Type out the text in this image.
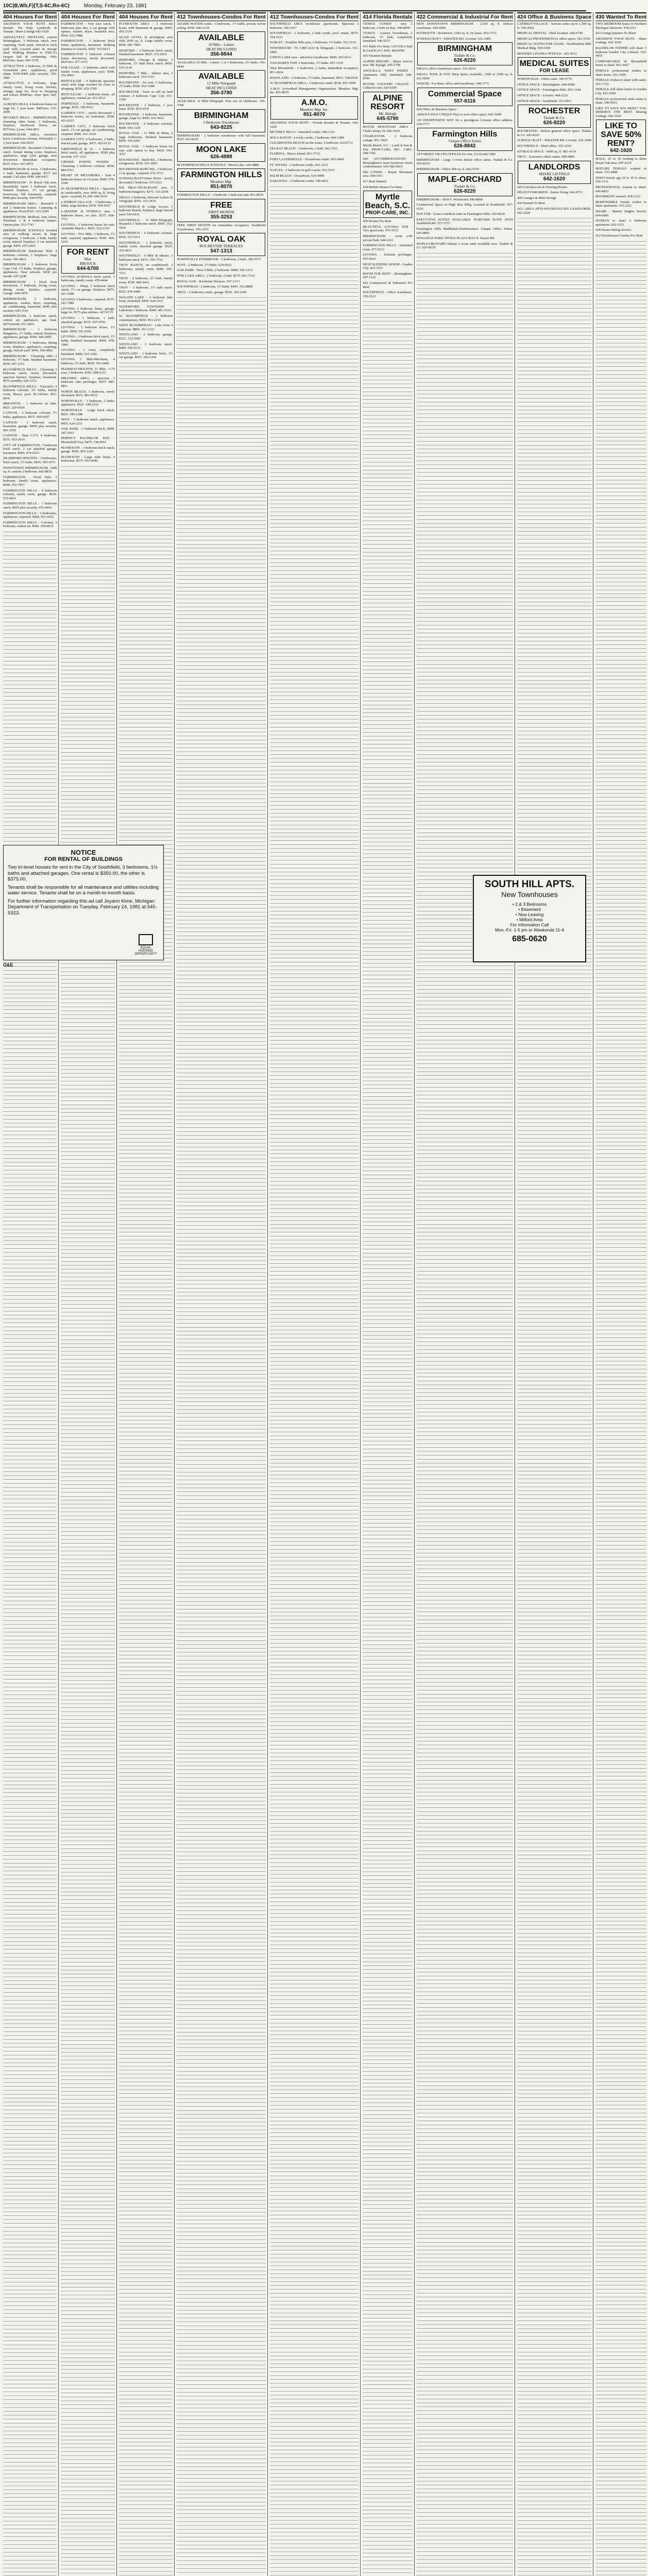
10C(B,Wb,F)(T,S-6C,Ro-6C)	Monday, February 23, 1981
404 Houses For Rent
ABANDON YOUR HUNT Select Rentals. We Help Landlords & Tenants. Share Listings 642-1620
ABSOLUTELY SPOTLESS, custom Birmingham, 3 bedroom ranch, new carpeting, fresh paint, fenced-in back yard with covered patio & storage shed. Walking distance to YMCA's racquet ball & swimming. Only $425/mo. lease. 645-1578
ATTRACTIVE 3 bedroom, 12 Mile & Greenfield area. Appliances, good shape. $350-$400 plus security. 356-7885
ATTRACTIVE 4 bedroom, large family room, living room, kitchen, storage, large lot, close to shopping and school. $500/mo. After 5pm. 645-8321
AUBURN HILLS, 4 bedroom home on large lot, 1 year lease. $485/mo. 335-2690
BEVERLY HILLS - BIRMINGHAM, charming older home, 3 bedrooms, fireplace, hardwood floors, air. $575/mo. Lease. 644-2811
BIRMINGHAM AREA, executive brick 3 bedroom colonial. Preferably 1-2 year lease. 642-8165
BIRMINGHAM - Beautiful 3 bedroom ranch, formal dining room, fireplace, appliances, large yard, garage, near downtown. Immediate occupancy. $525. Eves. 647-2874
BIRMINGHAM in town, 3 bedrooms, 1 bath, basement, garage. $375 per month. Call after 5PM. 644-0417
BIRMINGHAM - N. Royal Oak area. Beautifully treed 3 bedroom brick. Natural fireplace, 1½ car garage, breezeway, full basement, carpeted. $440 plus security. 644-9768
BIRMINGHAM AREA - Beautiful 3 and 2 bedroom homes. Carpeting & appliances. From $325. 553-2345
BIRMINGHAM, Redford, Ann Arbor, Westland. 3 & 4 bedroom homes. Option plan. 552-7741
BIRMINGHAM SCHOOLS wooded area of walking streets & large evergreens, 3 bedroom, 2 bath, family room, natural fireplace, 2 car attached garage. $495. 655-2810
BIRMINGHAM Handsome Hills 4 bedroom colonial, 2 fireplaces, large rooms. 566-4811
BIRMINGHAM - 3 bedroom brick Cape Cod, 1½ baths, fireplace, garage, appliances. Near schools. $430 per month. 647-2240
BIRMINGHAM - 1 block from downtown, 3 bedroom, living room, dining room, kitchen, carpeted. Garage. 644-3870
BIRMINGHAM, 2 bedroom, appliances, washer, dryer, carpeting, air conditioning, basement. $440 plus security. 645-1110
BIRMINGHAM, 3 bedroom ranch, central air, appliances, gas heat. $475/month. 651-6816
BIRMINGHAM - 3 bedroom Bungalow, 1½ baths, natural fireplace, appliances, garage. $500. 540-2000
BIRMINGHAM - 3 bedrooms, dining room, fireplace, appliances, carpeting, garage, fenced yard. $495. 646-4862
BIRMINGHAM - Charming older 3 bedroom, 1½ bath, finished basement. $550. 647-1311
BLOOMFIELD HILLS - Charming 3 bedroom ranch, newly decorated, spacious kitchen, fireplace, basement. $675 monthly. 626-5312
BLOOMFIELD HILLS - Executive 4 bedroom colonial, 2½ baths, family room, library, pool. $1,100/mo. 851-6836
BRIGHTON - 3 bedroom on lake. $425. 229-6554
CANTON - 3 bedroom colonial, 1½ baths, appliances. $475. 459-6997
CANTON - 3 bedroom ranch, basement, garage. $450 plus security. 981-2956
CANTON - Near I-275, 4 bedroom. $575. 453-2610
CITY OF FARMINGTON, 3 bedroom brick ranch, 2 car attached garage, basement. $600. 474-2533
DEARBORN HEIGHTS - 3 bedrooms, brick ranch, 1½ baths. $425. 565-4711
DOWNTOWN BIRMINGHAM, 1600 sq. ft. custom 2 bedroom. 642-8818
FARMINGTON - Floral Park, 3 bedroom, family room, appliances. $440. 551-7957
FARMINGTON HILLS - 4 bedroom colonial, family room, garage. $650. 553-0831
FARMINGTON HILLS - 3 bedroom ranch, $430 plus security. 476-4416
FARMINGTON HILLS - 3 bedrooms, appliances, carpeted. $460. 851-6432
FARMINGTON HILLS - Colonial, 3 bedroom, central air. $600. 478-8915
404 Houses For Rent
FARMINGTON - Very nice ranch, 3 bedrooms plus den, 2 car garage with opener, washer, dryer, beautiful area. $550. 932-7088
FARMINGTON - 3 bedroom brick home, appliances, basement. Walking distance to schools. $450. 553-0413
FARMINGTON 2 bedroom colonial home, downtown, newly decorated. $425/mo. 477-6151
FOR LEASE - 3 bedroom ranch with family room, appliances, pool. $500. 651-8419
RENT/LEASE - 4 bedroom spacious ranch with large wooded lot close to shopping. $550. 652-3700
RENT/LEASE - 3 bedroom home, all appliances, central air. 451-3612
FERNDALE - 2 bedroom, basement, garage, $325. 399-0412
GARDEN CITY - newly decorated 2 bedroom house, no basement. $300. 421-0315
GARDEN CITY, 3 bedroom brick ranch, 1½ car garage, air conditioning, carpeted. $400. 261-1634
GARDEN CITY, 4 bedrooms, 2 baths, fenced yard, garage. $475. 425-0133
GREENFIELD & 14 - 3 bedroom brick ranch, all appliances. $500 plus security. 557-1123
GROSSE POINTE WOODS - Charming 3 bedroom colonial. $650. 884-5511
HEART OF METAMORA - East 4 bedroom house on 10 acres. $600. 678-2344
IN BLOOMFIELD HILLS - Spacious & comfortable, over 3000 sq. ft. living space, on pond. $1,200. 646-2010
LATHRUP VILLAGE - 3 bedrooms, 2 baths, large kitchen. $550. 559-4567
LAKESIDE & FENKELL area 3 bedroom house, no pets. $275. 838-7711
LIVONIA - 3 bedroom house for rent. Available March 1. $425. 522-2119
LIVONIA - Five Mile, 3 bedroom, 1½ bath, carpeted, appliances. $500. 464-3210
FOR RENT
Max
BROOCK
644-6700
LIVONIA SCHOOLS brick ranch, 3 bedrooms, family room. 478-4444
LIVONIA - Sharp 3 bedroom brick ranch, 1½ car garage, fireplace. $475. 421-5588
LIVONIA 3 bedrooms, carpeted. $375. 261-7986
LIVONIA 3 bedroom home, garage, large lot. $375 plus utilities. 427-6715
LIVONIA - 1 bedroom, 1 bath, attached garage. $325. 937-0792
LIVONIA - 3 bedroom house, 1½ baths. $450. 591-0392
LIVONIA - 3 bedroom brick ranch, 1½ baths, finished basement. $500. 478-1900
LIVONIA - 3 room, completely furnished. $400. 525-3366
LIVONIA 5 Mile-Merriman, 4 bedroom, 2½ bath. $650. 591-6400
MADISON HEIGHTS, 11 Mile - I-75 area, 3 bedroom. $395. 588-1211
MILFORD AREA - spacious 3 bedroom, lake privileges. $475. 685-9811
NORTH BEACH, 3 bedroom, newly decorated. $475. 881-9632
NORTHVILLE - 3 bedroom, 2 baths, appliances. $525. 348-2112
NORTHVILLE - Large brick ranch. $625. 349-2188
NOVI - 3 bedroom ranch, appliances. $450. 624-2211
OAK PARK - 3 bedroom brick. $400. 547-2933
PERFECT BACHELOR PAD - Bloomfield Twp. $475. 338-9911
PLYMOUTH - 3 bedroom brick ranch, garage. $500. 455-1266
PLYMOUTH - Large older home, 4 bedrooms. $575. 453-4040
404 Houses For Rent
PLYMOUTH AREA - 3 bedroom house with basement & garage. $450. 455-2310
QUAD LEVEL in prestigious area with 2600 sq. ft. Large family room. $650. 981-7800
REDFORD - 3 bedroom brick ranch, finished basement. $425. 533-6010
REDFORD, Chicago & Inkster, 3 bedroom, 1½ bath brick ranch. $450. 535-1134
REDFORD, 7 Mile - Inkster area, 3 bedroom ranch. 255-3316
ROCHESTER - for rent, 5 bedrooms, 2½ baths. $500. 652-5288
ROCHESTER - lease or sell on land contract. 4 bedroom Cape Cod. 651-1100
ROCHESTER - 3 bedroom, 1 year lease. $350. 879-2676
ROCHESTER - 3 bedroom, basement, garage, large lot. $450. 651-4651
ROCHESTER - 4 bedroom colonial. $600. 656-1120
ROYAL OAK - 11 Mile & Main, 2 large bedrooms, finished basement. $450. 543-6301
ROYAL OAK - 3 bedroom house for rent with option to buy. $450. 543-3557
ROCHESTER - Buell Rd., 3 bedroom, refrigerator. $350. 651-2001
ROCHESTER-BURT RD., 3 bedroom, 2 car garage, carpeted. 651-3711
SCHOOLCRAFT-Outer Drive - newly decorated 2 bedroom. 533-5211
SIX MILE-TELEGRAPH area, 3 bedroom bungalow. $375. 533-2504
SMALL 2 bedroom, between Lahser & Telegraph. $350. 353-3434
SOUTHFIELD & Lodge Access, 3 bedroom Ranch, fireplace, large fenced yard. 559-6431
SOUTHFIELD - 11 Mile-Telegraph, Beautiful 3 bedroom ranch. $500. 352-7810
SOUTHFIELD - 4 bedroom colonial. $550. 557-9311
SOUTHFIELD - 3 bedroom ranch, family room, attached garage. $525. 352-4411
SOUTHFIELD - 9 Mile & Inkster, 3 bedroom ranch. $475. 356-7722
TROY RANCH, air conditioned, 3 bedrooms, family room. $600. 641-7211
TROY - 4 bedroom, 2½ bath, family room. $700. 689-4411
TROY - 3 bedroom, 1½ bath ranch. $525. 879-4400
WALLED LAKE - 3 bedroom lake front, furnished. $450. 624-3311
WATERFORD TOWNSHIP - Lakefront 2 bedroom. $400. 681-5522
W. BLOOMFIELD - 3 bedroom contemporary. $650. 851-2211
WEST BLOOMFIELD - Lake front 4 bedroom. $800. 363-1122
WESTLAND - 2 bedroom, garage. $325. 722-5900
WESTLAND - 3 bedroom ranch. $400. 595-0133
WESTLAND - 3 bedroom brick, 1½ car garage. $425. 326-1244
412 Townhouses-Condos For Rent
ADAMS WOODS condo. 3 bedrooms, 1½ baths, private ravine setting. $550. 646-2129
AVAILABLE
10 Mile - Lahser
HEAT INCLUDED
356-8844
AVAILABLE 10 Mile - Lahser. 2 or 3 bedrooms, 2½ baths. 356-8844
AVAILABLE
12 Mile-Telegraph
HEAT INCLUDED
356-3780
AVAILABLE 12 Mile-Telegraph. Free use of clubhouse. 356-3780
BIRMINGHAM
2 Bedroom Townhouse
643-8225
BIRMINGHAM - 2 bedroom townhouse with full basement. $525. 643-8225
MOON LAKE
626-4888
BLOOMFIELD HILLS SCHOOLS - Moon Lake. 626-4888
FARMINGTON HILLS
Meadow Mgt.
851-8070
FARMINGTON HILLS - 2 bedroom 1 bath rear unit. 851-8070
FREE
FIRST MONTH
355-3253
FREE FIRST MONTH for immediate occupancy. Southfield Townhouses. 355-3253
ROYAL OAK
ROCHESTER TERRACES
547-1313
NORTHVILLE PINEBROOK - 2 bedroom, 2 bath. 348-5575
NOVI - 2 bedroom, 1½ baths. 624-6622
OAK PARK - Near 9 Mile, 2 bedroom. $400. 545-1213
PINE LAKE AREA - 2 bedroom, 2 bath. $575. 851-7123
ROYAL OAK - Rochester Terraces. 547-1313
SOUTHFIELD - 2 bedroom, 1½ baths. $495. 352-8888
TROY - 2 bedroom condo, garage. $550. 362-2100
412 Townhouses-Condos For Rent
SOUTHFIELD AREA townhouse apartments. Spacious 2 bedroom. 356-1657
SOUTHFIELD - 2 bedroom, 2 bath condo, pool, tennis. $575. 354-1611
SUBLET - Franklin Hills area, 2 bedroom, 1½ baths. 353-7210
TOWNHOUSE - W. CHICAGO & Telegraph, 2 bedroom. 531-1800
UNION LAKE area - attractive townhouse. $450. 363-6611
VAN BUREN TWP. 2 bedrooms, 1½ baths. 697-1310
West Bloomfield - 2 bedrooms, 2 baths, immediate occupancy. 851-2424
WESTLAND - 2 bedroom, 1½ baths, basement. $435. 728-0630
W. BLOOMFIELD AREA - 2 bedroom condo. $550. 851-5990
A.M.O. Accredited Management Organization. Meadow Mgt. Inc. 851-8070
A.M.O.
Meadow Mgt. Inc.
851-8070
ABANDON YOUR HUNT - Florida Rentals & Tenants. 642-1620
BEVERLY HILLS - furnished condo. 646-1211
BOCA RATON - Lovely condo, 2 bedroom. 644-1288
CLEARWATER BEACH on the water, 2 bedroom. 626-6711
DELRAY BEACH - 2 bedroom, 2 bath. 642-3311
FLORIDA - Marco Island. 851-7733
FORT LAUDERDALE - Oceanfront condo. 851-0600
FT. MYERS - 2 bedroom condo. 661-2211
NAPLES - 2 bedroom on golf course. 651-5511
PALM BEACH - Oceanfront. 626-4400
SARASOTA - 2 bedroom condo. 540-4411
414 Florida Rentals
VENICE CONDO - new 2 bedroom, 2 bath on Bay. 348-8000
VENICE - Luxury Townhouse, 2 bedroom, 1½ bath, completely furnished. 646-0211
415 Halls For Rent: LIVONIA Hall & Lord K of C Hall. 464-0500
416 Vacation Rentals
ALPINE RESORT - Skiers reserve now. Mr. Balogh. 645-5790
ANGUILLA, WEST INDIES - Apartment fully furnished. 646-8700
BOYNE COUNTRY CHALET - Cabin for rent. 626-6200
ALPINE RESORT
Mr. Balogh
645-5790
BOYNE MOUNTAIN AREA - Chalet sleeps 10. 642-3620
CHARLEVOIX - 3 bedroom cottage. 851-7820
Myrtle Beach, S.C. - Land of Sun & Fun. PROP-CARE, INC. 1-803-448-7181
SKI ACCOMMODATIONS - Birmingham's most luxurious resort condominium. 616-582-9616
SKI CONDO - Boyne Mountain area. 644-1411
417 Rent Wanted
418 Mobile Homes For Rent
Myrtle Beach, S.C.
PROP-CARE, INC.
420 Rooms For Rent
BEAUTIFUL LIVONIA SUB - Very good area. 476-5533
BIRMINGHAM - room with private bath. 644-2211
FARMINGTON HILLS - furnished room. 477-0211
LIVONIA - Kitchen privileges. 425-6622
NEAT SLEEPING ROOM - Garden City. 421-3311
ROOM FOR RENT - Birmingham. 647-1122
422 Commercial & Industrial For Rent
SOUTHFIELD - Office warehouse. 355-0112
422 Commercial & Industrial For Rent
NEW DOWNTOWN BIRMINGHAM - 2,500 sq. ft. Deluxe warehouse. 646-6060
PLYMOUTH - downtown, 1200 sq. ft. for lease. 453-7373
SCHOOLCRAFT - INKSTER RD. Livonia. 522-1000
BIRMINGHAM
Tisdale & Co.
626-8220
SMALL office-warehouse space. 533-2010
SMALL TOOL & DYE Shop Space available, 1000 or 2500 sq. ft. 422-6060
WIXOM - For Rent, office and warehouse. 348-1771
Commercial Space
557-6116
424 Office & Business Space
ABSOLUTELY UNIQUE Way to save office space. 642-5600
AN INEXPENSIVE WAY for a prestigious Livonia office address. 478-7777
Farmington Hills
Unique Office Suites
626-8842
ATTORNEY OR CPA OFFICES for rent. (313)-646-7400
BIRMINGHAM - Large 3 room deluxe office suites. Tisdale & Co. 626-8220
BIRMINGHAM - Office 400 sq. ft. 642-5150
MAPLE-ORCHARD
Tisdale & Co.
626-8220
BIRMINGHAM - 1818 S. Woodward. 646-8800
Commercial Space in High Rise Bldg. Located in Southfield. 557-6116
DOCTOR - Lease a medical suite in Farmington Hills. 626-8220
EXECUTIVE SUITES AVAILABLE. HARVARD SUITE 29350 Southfield Rd. 557-2757
Farmington Hills Middlebelt-Northwestern. Unique Office Suites. 626-8842
HOLLIDAY PARK OFFICE PLAZA 8523 N. Wayne Rd.
MAPLE-ORCHARD Deluxe 2 room suite available now. Tisdale & Co. 626-8220
424 Office & Business Space
LATHRUP VILLAGE - Various suites up to 1,500 sq. ft. 559-4560
MEDICAL DENTAL - Ideal location. 644-0740
MEDICAL/PROFESSIONAL office space. 561-5550
MEDICAL SUITES FOR LEASE - Northland & Mile Medical Bldg. 569-0100
MODERN LIVONIA OFFICES - 425-5511
MEDICAL SUITES
FOR LEASE
NORTHVILLE - Office suite. 349-5770
OFFICE SPACE - Birmingham. 646-0040
OFFICE SPACE - Farmington Hills. 851-1344
OFFICE SPACE - Livonia. 464-2232
OFFICE SPACE - Southfield. 353-9911
ROCHESTER
Tisdale & Co.
626-8220
ROCHESTER - Deluxe general office space. Tisdale & Co. 626-8220
SCHOOLCRAFT - INKSTER RD. Livonia. 522-1000
SOUTHFIELD - Ideal office. 355-2220
STORAGE SPACE - 9000 sq. ft. 981-4114
TROY - Executive office suites. 689-9800
LANDLORDS
SHARE LISTINGS
642-1620
426 Convalescent & Nursing Homes
DEAN EVERGREEN - Senior living. 642-0711
428 Garages & Mini Storage
430 Wanted To Rent
ALL AREA APTS-HOUSES-FLATS LANDLORDS. 642-1620
430 Wanted To Rent
TWO BEDROOM house in Northern Michigan lakefront. 478-2211
432 Living Quarters To Share
ABANDON YOUR HUNT - Share Listings. 642-1620
BACHELOR FATHER will share 3 bedroom Garden City colonial. 522-4455
COMFORTABLE W. Bloomfield home to share. 851-9427
FEMALE professional wishes to share home. 651-3300
FEMALE wishes to share with same. 591-7722
FEMALE will share home in Garden City. 421-5599
FEMALE professional seeks same to share. 646-6011
LIKE TO SAVE 50% RENT? YOU DESERVE THE BEST. Sharing Listings. 642-1620
LIKE TO SAVE 50% RENT?
642-1620
MALE, 25 to 30 looking to share Royal Oak area. 547-2210
MATURE FEMALE wanted to share. 533-4488
NEED female age 25 to 35 to share. 626-1211
PROFESSIONAL woman to share. 646-8822
ROOMMATE wanted. 478-1212
RESPONSIBLE female wishes to share apartment. 355-2211
SHARE - Mature Singles Search. 644-6845
WOMAN to share 2 bedroom apartment. 626-3333
438 House-Sitting Service
412 Townhouses-Condos For Rent
NOTICE
FOR RENTAL OF BUILDINGS

Two tri-level houses for rent in the City of Southfield, 3 bedrooms, 1½ baths and attached garages. One rental is $350.00, the other is $375.00.

Tenants shall be responsible for all maintenance and utilities including water service. Tenants shall be on a month-to-month basis.

For further information regarding this ad call Joyann Kime, Michigan Department of Transportation on Tuesday, February 24, 1981 at 545-5323.

EQUAL HOUSING OPPORTUNITY
SOUTH HILL APTS.
New Townhouses
• 2 & 3 Bedrooms
• Basement
• Now Leasing
• Milford Area
For Information Call
Mon.-Fri. 1-5 pm or Weekends 11-4
685-0620
O&E
